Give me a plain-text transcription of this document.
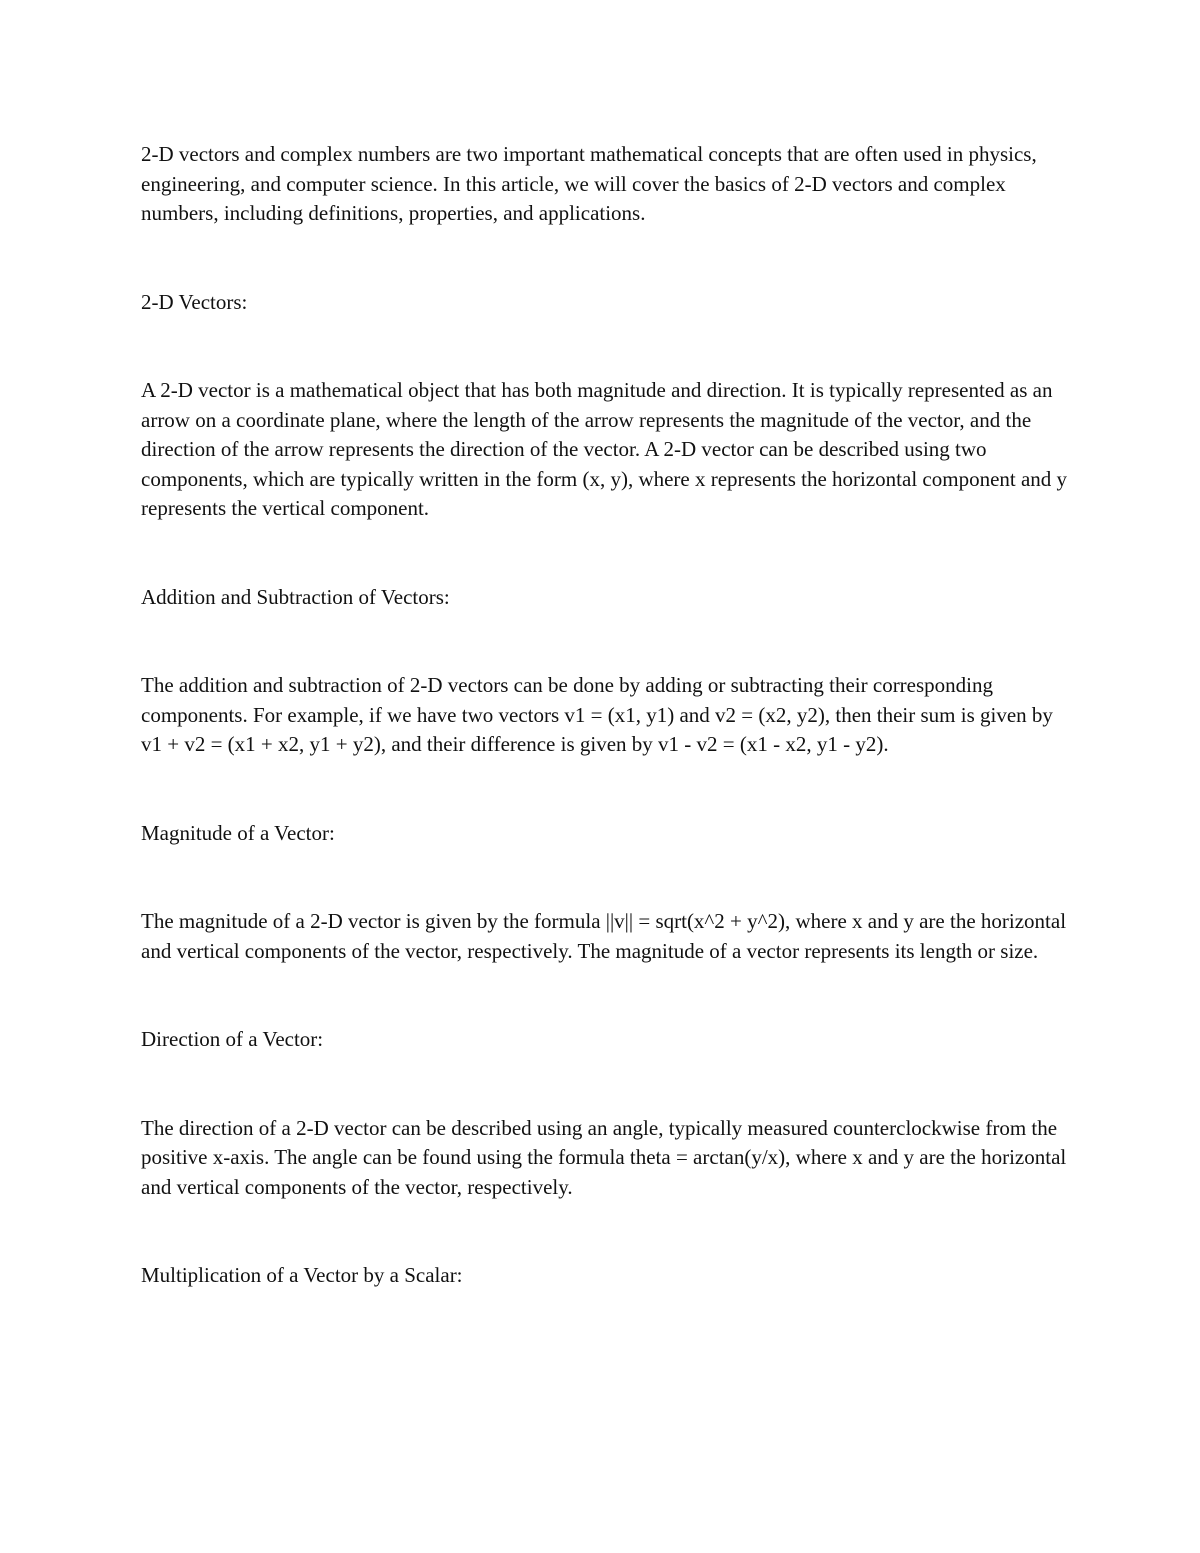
2-D vectors and complex numbers are two important mathematical concepts that are often used in physics, engineering, and computer science. In this article, we will cover the basics of 2-D vectors and complex numbers, including definitions, properties, and applications.

2-D Vectors:

A 2-D vector is a mathematical object that has both magnitude and direction. It is typically represented as an arrow on a coordinate plane, where the length of the arrow represents the magnitude of the vector, and the direction of the arrow represents the direction of the vector. A 2-D vector can be described using two components, which are typically written in the form (x, y), where x represents the horizontal component and y represents the vertical component.

Addition and Subtraction of Vectors:

The addition and subtraction of 2-D vectors can be done by adding or subtracting their corresponding components. For example, if we have two vectors v1 = (x1, y1) and v2 = (x2, y2), then their sum is given by v1 + v2 = (x1 + x2, y1 + y2), and their difference is given by v1 - v2 = (x1 - x2, y1 - y2).

Magnitude of a Vector:

The magnitude of a 2-D vector is given by the formula ||v|| = sqrt(x^2 + y^2), where x and y are the horizontal and vertical components of the vector, respectively. The magnitude of a vector represents its length or size.

Direction of a Vector:

The direction of a 2-D vector can be described using an angle, typically measured counterclockwise from the positive x-axis. The angle can be found using the formula theta = arctan(y/x), where x and y are the horizontal and vertical components of the vector, respectively.

Multiplication of a Vector by a Scalar:
